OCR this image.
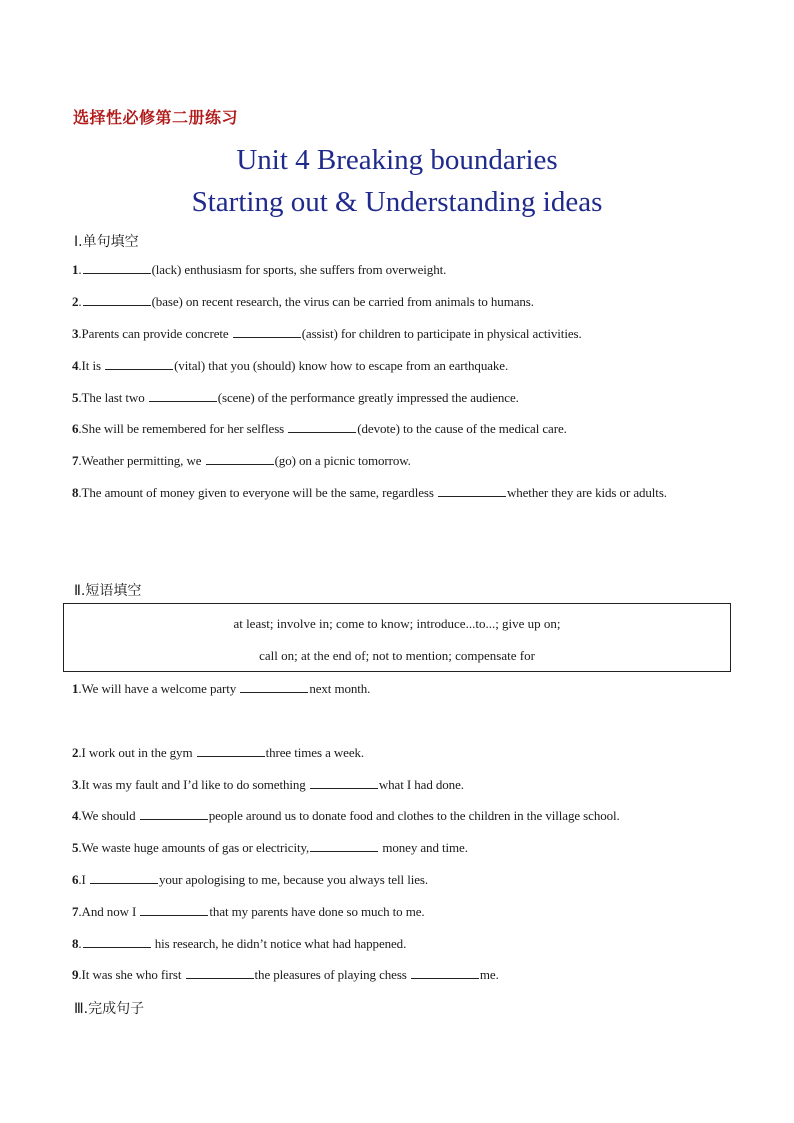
选择性必修第二册练习
Unit 4 Breaking boundaries
Starting out & Understanding ideas
Ⅰ.单句填空
1.	(lack) enthusiasm for sports, she suffers from overweight.
2.	(base) on recent research, the virus can be carried from animals to humans.
3.Parents can provide concrete	(assist) for children to participate in physical activities.
4.It is	(vital) that you (should) know how to escape from an earthquake.
5.The last two	(scene) of the performance greatly impressed the audience.
6.She will be remembered for her selfless	(devote) to the cause of the medical care.
7.Weather permitting, we	(go) on a picnic tomorrow.
8.The amount of money given to everyone will be the same, regardless	whether they are kids or adults.
Ⅱ.短语填空
at least; involve in; come to know; introduce...to...; give up on;
call on; at the end of; not to mention; compensate for
1.We will have a welcome party	next month.
2.I work out in the gym	three times a week.
3.It was my fault and I’d like to do something	what I had done.
4.We should	people around us to donate food and clothes to the children in the village school.
5.We waste huge amounts of gas or electricity,	money and time.
6.I	your apologising to me, because you always tell lies.
7.And now I	that my parents have done so much to me.
8.	his research, he didn’t notice what had happened.
9.It was she who first	the pleasures of playing chess	me.
Ⅲ.完成句子
